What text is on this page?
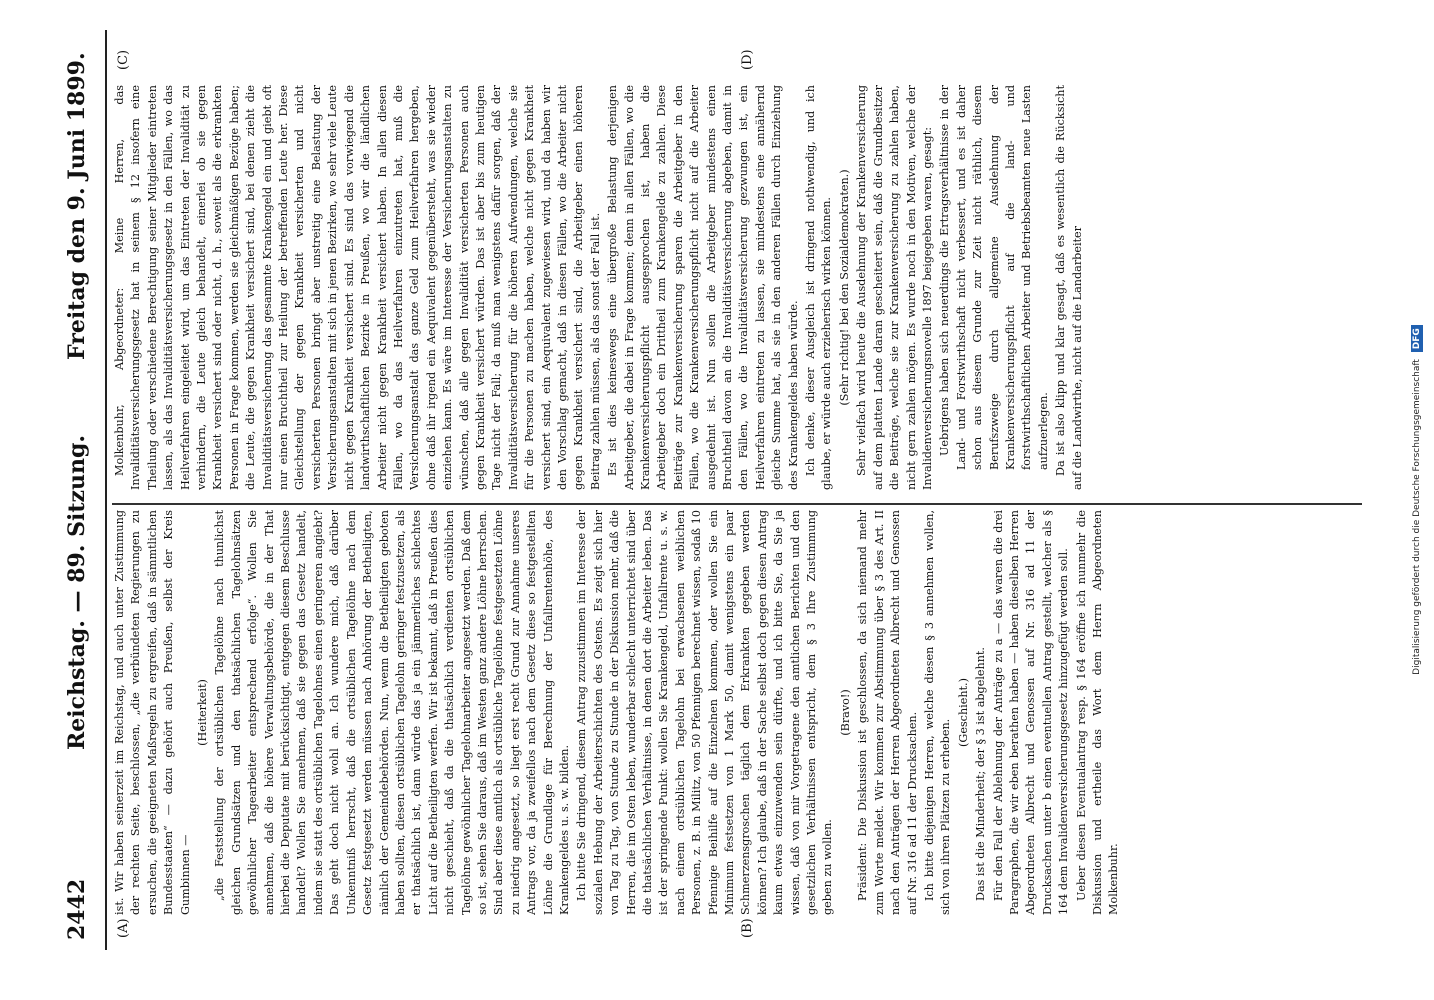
2442
Reichstag. — 89. Sitzung.
Freitag den 9. Juni 1899.
(A)	(B)
(C)	(D)

ist. Wir haben seinerzeit im Reichstag, und auch unter Zustimmung der rechten Seite, beschlossen, „die verbündeten Regierungen zu ersuchen, die geeigneten Maßregeln zu ergreifen, daß in sämmtlichen Bundesstaaten“ — dazu gehört auch Preußen, selbst der Kreis Gumbinnen —

(Heiterkeit) „die Feststellung der ortsüblichen Tagelöhne nach thunlichst gleichen Grundsätzen und den thatsächlichen Tagelohnsätzen gewöhnlicher Tagearbeiter entsprechend erfolge“. Wollen Sie annehmen, daß die höhere Verwaltungsbehörde, die in der That hierbei die Deputate mit berücksichtigt, entgegen diesem Beschlusse handelt? Wollen Sie annehmen, daß sie gegen das Gesetz handelt, indem sie statt des ortsüblichen Tagelohnes einen geringeren angiebt? Das geht doch nicht wohl an. Ich wundere mich, daß darüber Unkenntniß herrscht, daß die ortsüblichen Tagelöhne nach dem Gesetz festgesetzt werden müssen nach Anhörung der Betheiligten, nämlich der Gemeindebehörden. Nun, wenn die Betheiligten geboten haben sollten, diesen ortsüblichen Tagelohn geringer festzusetzen, als er thatsächlich ist, dann würde das ja ein jämmerliches schlechtes Licht auf die Betheiligten werfen. Wir ist bekannt, daß in Preußen dies nicht geschieht, daß da die thatsächlich verdienten ortsüblichen Tagelöhne gewöhnlicher Tagelohnarbeiter angesetzt werden. Daß dem so ist, sehen Sie daraus, daß im Westen ganz andere Löhne herrschen. Sind aber diese amtlich als ortsübliche Tagelöhne festgesetzten Löhne zu niedrig angesetzt, so liegt erst recht Grund zur Annahme unseres Antrags vor, da ja zweifellos nach dem Gesetz diese so festgestellten Löhne die Grundlage für Berechnung der Unfallrentenhöhe, des Krankengeldes u. s. w. bilden. Ich bitte Sie dringend, diesem Antrag zuzustimmen im Interesse der sozialen Hebung der Arbeiterschichten des Ostens. Es zeigt sich hier von Tag zu Tag, von Stunde zu Stunde in der Diskussion mehr, daß die Herren, die im Osten leben, wunderbar schlecht unterrichtet sind über die thatsächlichen Verhältnisse, in denen dort die Arbeiter leben. Das ist der springende Punkt: wollen Sie Krankengeld, Unfallrente u. s. w. nach einem ortsüblichen Tagelohn bei erwachsenen weiblichen Personen, z. B. in Militz, von 50 Pfennigen berechnet wissen, sodaß 10 Pfennige Beihilfe auf die Einzelnen kommen, oder wollen Sie ein Minimum festsetzen von 1 Mark 50, damit wenigstens ein paar Schmerzensgroschen täglich dem Erkrankten gegeben werden können? Ich glaube, daß in der Sache selbst doch gegen diesen Antrag kaum etwas einzuwenden sein dürfte, und ich bitte Sie, da Sie ja wissen, daß von mir Vorgetragene den amtlichen Berichten und den gesetzlichen Verhältnissen entspricht, dem § 3 Ihre Zustimmung geben zu wollen.

(Bravo!) Präsident: Die Diskussion ist geschlossen, da sich niemand mehr zum Worte meldet. Wir kommen zur Abstimmung über § 3 des Art. II nach den Anträgen der Herren Abgeordneten Albrecht und Genossen auf Nr. 316 ad 11 der Drucksachen. Ich bitte diejenigen Herren, welche diesen § 3 annehmen wollen, sich von ihren Plätzen zu erheben.

(Geschieht.) Das ist die Minderheit; der § 3 ist abgelehnt. Für den Fall der Ablehnung der Anträge zu a — das waren die drei Paragraphen, die wir eben berathen haben — haben dieselben Herren Abgeordneten Albrecht und Genossen auf Nr. 316 ad 11 der Drucksachen unter b einen eventuellen Antrag gestellt, welcher als § 164 dem Invalidenversicherungsgesetz hinzugefügt werden soll. Ueber diesen Eventualantrag resp. § 164 eröffne ich nunmehr die Diskussion und ertheile das Wort dem Herrn Abgeordneten Molkenbuhr.

Molkenbuhr, Abgeordneter: Meine Herren, das Invaliditätsversicherungsgesetz hat in seinem § 12 insofern eine Theilung oder verschiedene Berechtigung seiner Mitglieder eintreten lassen, als das Invaliditätsversicherungsgesetz in den Fällen, wo das Heilverfahren eingeleitet wird, um das Eintreten der Invalidität zu verhindern, die Leute gleich behandelt, einerlei ob sie gegen Krankheit versichert sind oder nicht, d. h., soweit als die erkrankten Personen in Frage kommen, werden sie gleichmäßigen Bezüge haben; die Leute, die gegen Krankheit versichert sind, bei denen zieht die Invaliditätsversicherung das gesammte Krankengeld ein und giebt oft nur einen Bruchtheil zur Heilung der betreffenden Leute her. Diese Gleichstellung der gegen Krankheit versicherten und nicht versicherten Personen bringt aber unstreitig eine Belastung der Versicherungsanstalten mit sich in jenen Bezirken, wo sehr viele Leute nicht gegen Krankheit versichert sind. Es sind das vorwiegend die landwirthschaftlichen Bezirke in Preußen, wo wir die ländlichen Arbeiter nicht gegen Krankheit versichert haben. In allen diesen Fällen, wo da das Heilverfahren einzutreten hat, muß die Versicherungsanstalt das ganze Geld zum Heilverfahren hergeben, ohne daß ihr irgend ein Aequivalent gegenübersteht, was sie wieder einziehen kann. Es wäre im Interesse der Versicherungsanstalten zu wünschen, daß alle gegen Invalidität versicherten Personen auch gegen Krankheit versichert würden. Das ist aber bis zum heutigen Tage nicht der Fall; da muß man wenigstens dafür sorgen, daß der Invaliditätsversicherung für die höheren Aufwendungen, welche sie für die Personen zu machen haben, welche nicht gegen Krankheit versichert sind, ein Aequivalent zugewiesen wird, und da haben wir den Vorschlag gemacht, daß in diesen Fällen, wo die Arbeiter nicht gegen Krankheit versichert sind, die Arbeitgeber einen höheren Beitrag zahlen müssen, als das sonst der Fall ist. Es ist dies keineswegs eine übergroße Belastung derjenigen Arbeitgeber, die dabei in Frage kommen; denn in allen Fällen, wo die Krankenversicherungspflicht ausgesprochen ist, haben die Arbeitgeber doch ein Drittheil zum Krankengelde zu zahlen. Diese Beiträge zur Krankenversicherung sparen die Arbeitgeber in den Fällen, wo die Krankenversicherungspflicht nicht auf die Arbeiter ausgedehnt ist. Nun sollen die Arbeitgeber mindestens einen Bruchtheil davon an die Invaliditätsversicherung abgeben, damit in den Fällen, wo die Invaliditätsversicherung gezwungen ist, ein Heilverfahren eintreten zu lassen, sie mindestens eine annähernd gleiche Summe hat, als sie in den anderen Fällen durch Einziehung des Krankengeldes haben würde. Ich denke, dieser Ausgleich ist dringend nothwendig, und ich glaube, er würde auch erzieherisch wirken können. (Sehr richtig! bei den Sozialdemokraten.) Sehr vielfach wird heute die Ausdehnung der Krankenversicherung auf dem platten Lande daran gescheitert sein, daß die Grundbesitzer die Beiträge, welche sie zur Krankenversicherung zu zahlen haben, nicht gern zahlen mögen. Es wurde noch in den Motiven, welche der Invalidenversicherungsnovelle 1897 beigegeben waren, gesagt: Uebrigens haben sich neuerdings die Ertragsverhältnisse in der Land- und Forstwirthschaft nicht verbessert, und es ist daher schon aus diesem Grunde zur Zeit nicht räthlich, diesem Berufszweige durch allgemeine Ausdehnung der Krankenversicherungspflicht auf die land- und forstwirthschaftlichen Arbeiter und Betriebsbeamten neue Lasten aufzuerlegen. Da ist also klipp und klar gesagt, daß es wesentlich die Rücksicht auf die Landwirthe, nicht auf die Landarbeiter

Digitalisierung gefördert durch die Deutsche Forschungsgemeinschaft DFG
